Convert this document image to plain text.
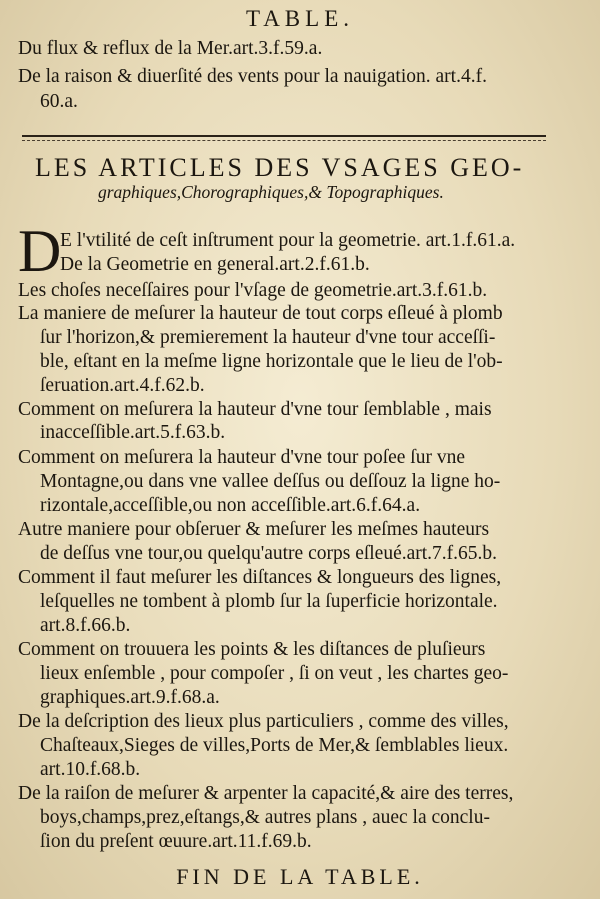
TABLE.
Du flux & reflux de la Mer.art.3.f.59.a.
De la raison & diuerſité des vents pour la nauigation. art.4.f.
60.a.
LES ARTICLES DES VSAGES GEO-
graphiques,Chorographiques,& Topographiques.
D
E l'vtilité de ceſt inſtrument pour la geometrie. art.1.f.61.a.
De la Geometrie en general.art.2.f.61.b.
Les choſes neceſſaires pour l'vſage de geometrie.art.3.f.61.b.
La maniere de meſurer la hauteur de tout corps eſleué à plomb
ſur l'horizon,& premierement la hauteur d'vne tour acceſſi-
ble, eſtant en la meſme ligne horizontale que le lieu de l'ob-
ſeruation.art.4.f.62.b.
Comment on meſurera la hauteur d'vne tour ſemblable , mais
inacceſſible.art.5.f.63.b.
Comment on meſurera la hauteur d'vne tour poſee ſur vne
Montagne,ou dans vne vallee deſſus ou deſſouz la ligne ho-
rizontale,acceſſible,ou non acceſſible.art.6.f.64.a.
Autre maniere pour obſeruer & meſurer les meſmes hauteurs
de deſſus vne tour,ou quelqu'autre corps eſleué.art.7.f.65.b.
Comment il faut meſurer les diſtances & longueurs des lignes,
leſquelles ne tombent à plomb ſur la ſuperficie horizontale.
art.8.f.66.b.
Comment on trouuera les points & les diſtances de pluſieurs
lieux enſemble , pour compoſer , ſi on veut , les chartes geo-
graphiques.art.9.f.68.a.
De la deſcription des lieux plus particuliers , comme des villes,
Chaſteaux,Sieges de villes,Ports de Mer,& ſemblables lieux.
art.10.f.68.b.
De la raiſon de meſurer & arpenter la capacité,& aire des terres,
boys,champs,prez,eſtangs,& autres plans , auec la conclu-
ſion du preſent œuure.art.11.f.69.b.
FIN DE LA TABLE.
